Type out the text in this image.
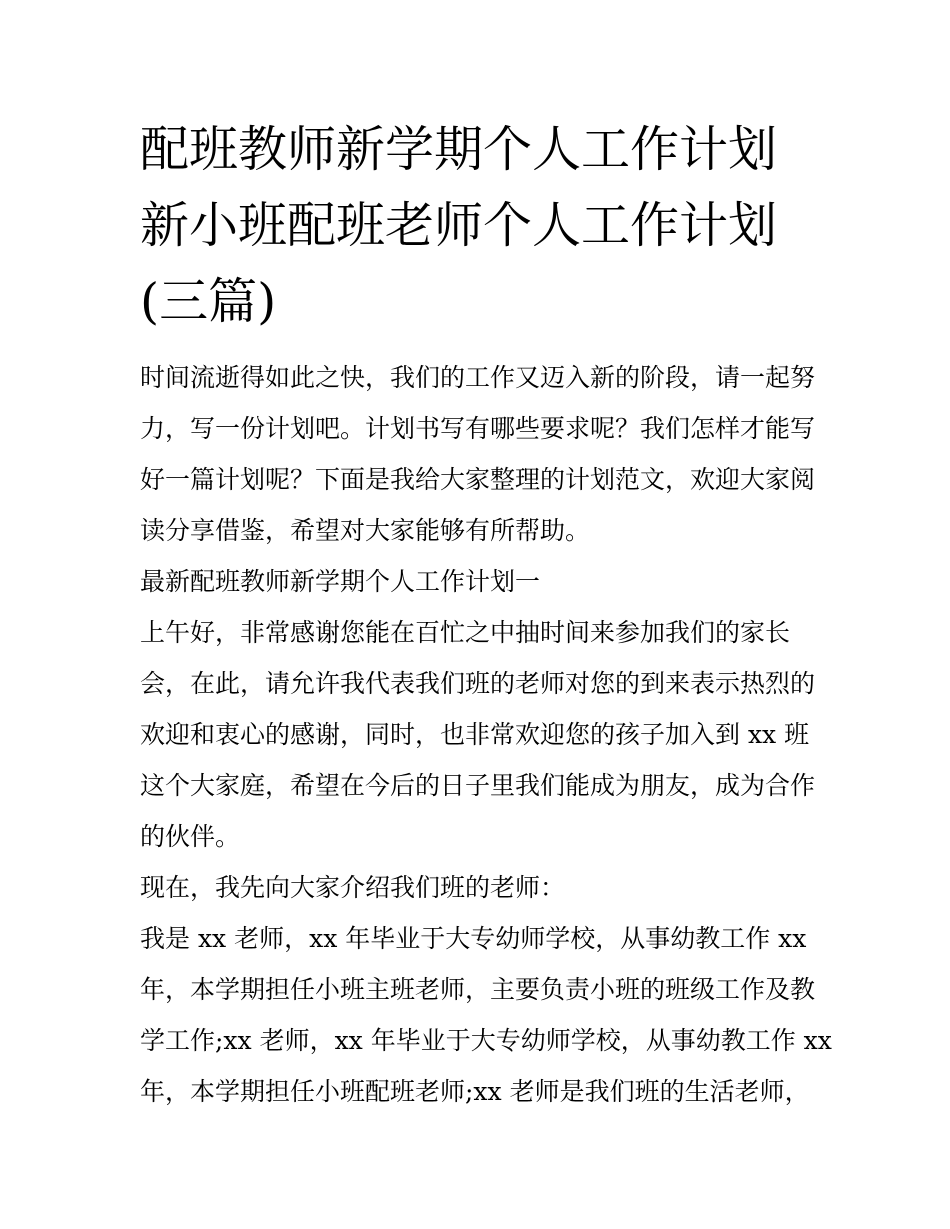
配班教师新学期个人工作计划
新小班配班老师个人工作计划
(三篇)
时间流逝得如此之快，我们的工作又迈入新的阶段，请一起努
力，写一份计划吧。计划书写有哪些要求呢？我们怎样才能写
好一篇计划呢？下面是我给大家整理的计划范文，欢迎大家阅
读分享借鉴，希望对大家能够有所帮助。
最新配班教师新学期个人工作计划一
上午好，非常感谢您能在百忙之中抽时间来参加我们的家长
会，在此，请允许我代表我们班的老师对您的到来表示热烈的
欢迎和衷心的感谢，同时，也非常欢迎您的孩子加入到 xx 班
这个大家庭，希望在今后的日子里我们能成为朋友，成为合作
的伙伴。
现在，我先向大家介绍我们班的老师：
我是 xx 老师，xx 年毕业于大专幼师学校，从事幼教工作 xx
年，本学期担任小班主班老师，主要负责小班的班级工作及教
学工作;xx 老师，xx 年毕业于大专幼师学校，从事幼教工作 xx
年，本学期担任小班配班老师;xx 老师是我们班的生活老师，
